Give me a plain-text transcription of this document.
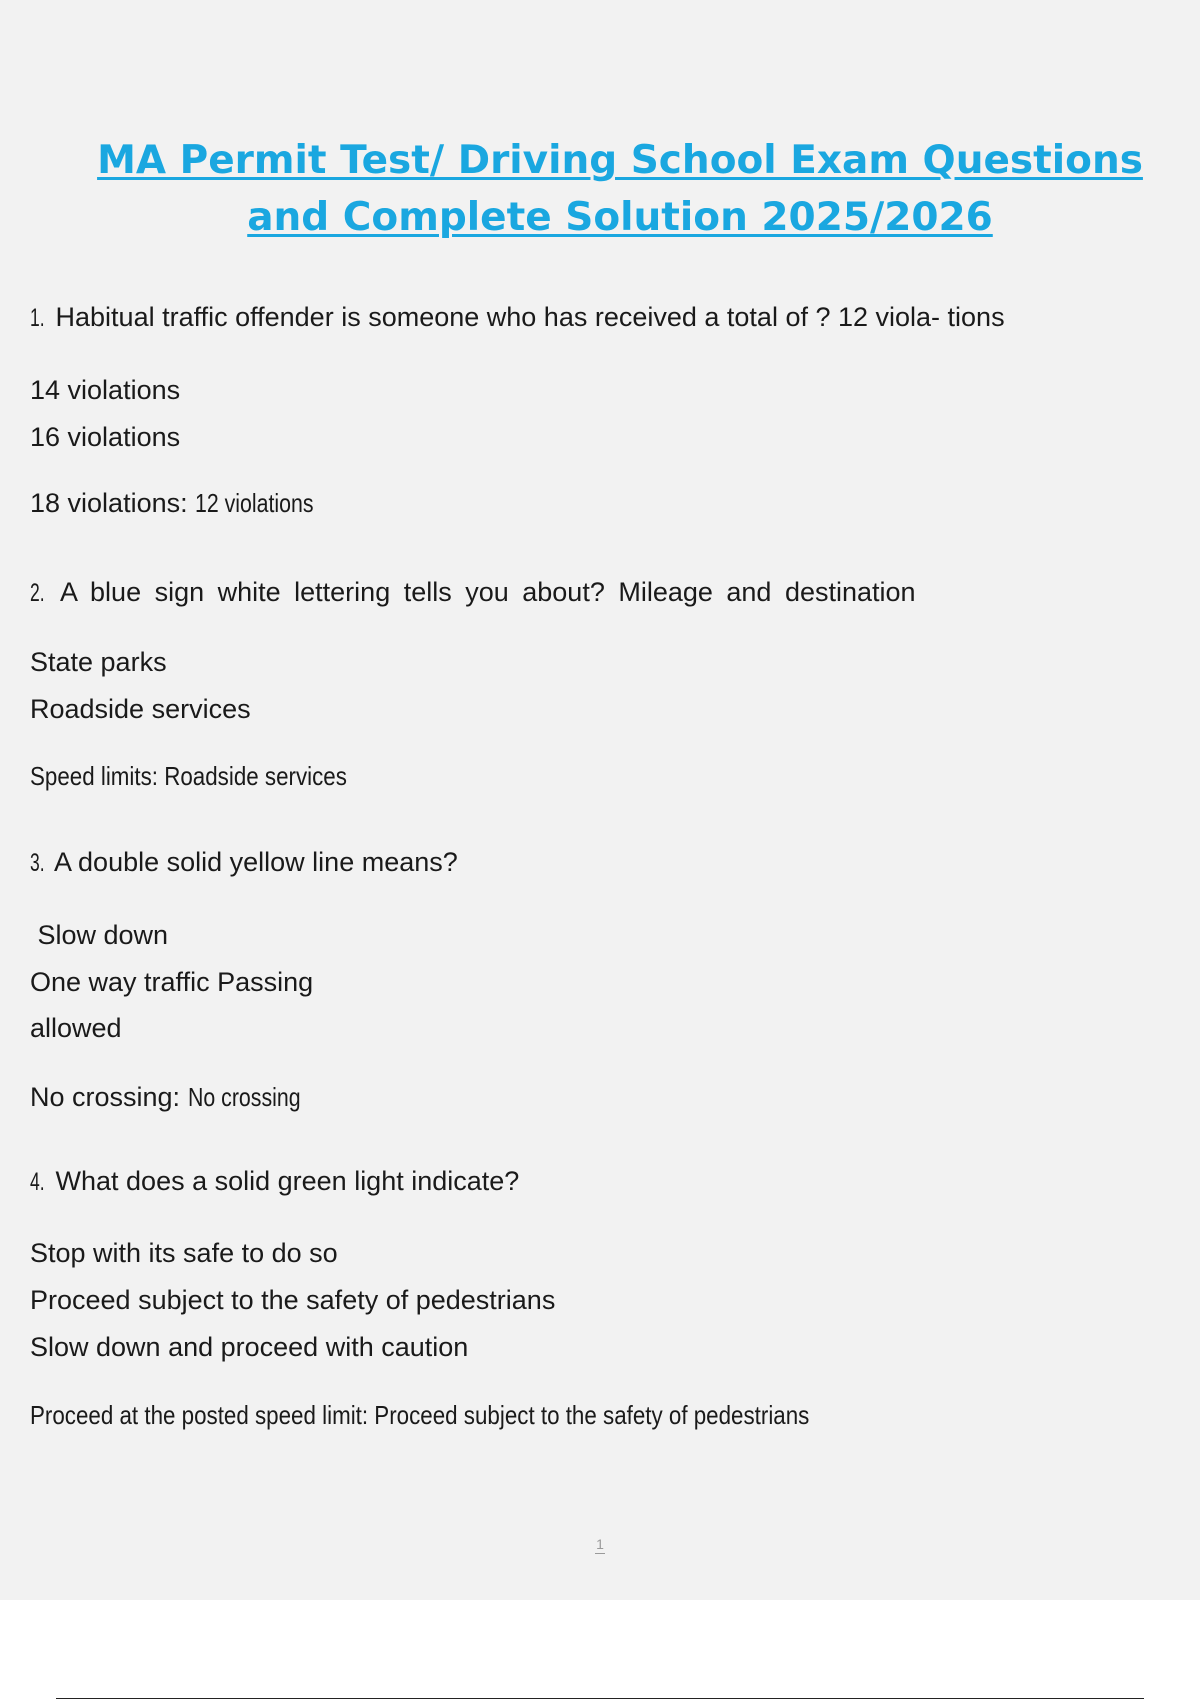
MA Permit Test/ Driving School Exam Questions
and Complete Solution 2025/2026

1. Habitual traffic offender is someone who has received a total of ? 12 viola- tions

14 violations

16 violations

18 violations: 12 violations

2. A blue sign white lettering tells you about? Mileage and destination

State parks

Roadside services

Speed limits: Roadside services

3. A double solid yellow line means?

Slow down

One way traffic Passing

allowed

No crossing: No crossing

4. What does a solid green light indicate?

Stop with its safe to do so

Proceed subject to the safety of pedestrians

Slow down and proceed with caution

Proceed at the posted speed limit: Proceed subject to the safety of pedestrians

1
